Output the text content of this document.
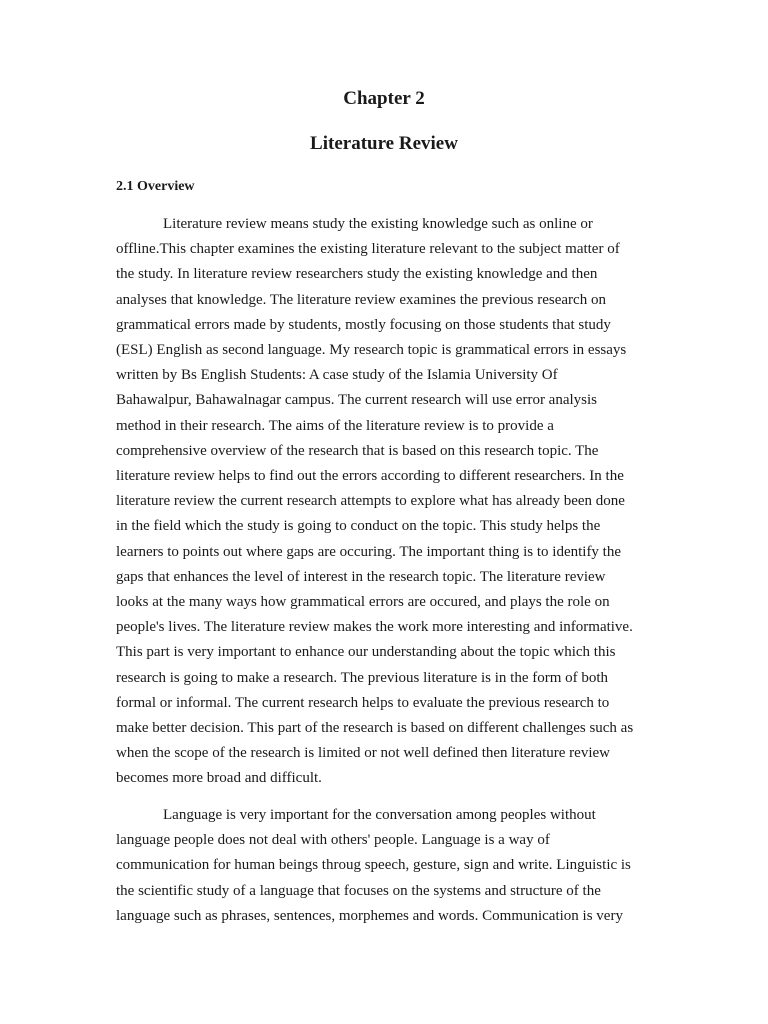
Chapter 2
Literature Review
2.1 Overview
Literature review means study the existing knowledge such as online or
offline.This chapter examines the existing literature relevant to the subject matter of
the study. In literature review researchers study the existing knowledge and then
analyses that knowledge. The literature review examines the previous research on
grammatical errors made by students, mostly focusing on those students that study
(ESL) English as second language. My research topic is grammatical errors in essays
written by Bs English Students: A case study of the Islamia University Of
Bahawalpur, Bahawalnagar campus. The current research will use error analysis
method in their research. The aims of the literature review is to provide a
comprehensive overview of the research that is based on this research topic. The
literature review helps to find out the errors according to different researchers. In the
literature review the current research attempts to explore what has already been done
in the field which the study is going to conduct on the topic. This study helps the
learners to points out where gaps are occuring. The important thing is to identify the
gaps that enhances the level of interest in the research topic. The literature review
looks at the many ways how grammatical errors are occured, and plays the role on
people's lives. The literature review makes the work more interesting and informative.
This part is very important to enhance our understanding about the topic which this
research is going to make a research. The previous literature is in the form of both
formal or informal. The current research helps to evaluate the previous research to
make better decision. This part of the research is based on different challenges such as
when the scope of the research is limited or not well defined then literature review
becomes more broad and difficult.
Language is very important for the conversation among peoples without
language people does not deal with others' people. Language is a way of
communication for human beings throug speech, gesture, sign and write. Linguistic is
the scientific study of a language that focuses on the systems and structure of the
language such as phrases, sentences, morphemes and words. Communication is very
